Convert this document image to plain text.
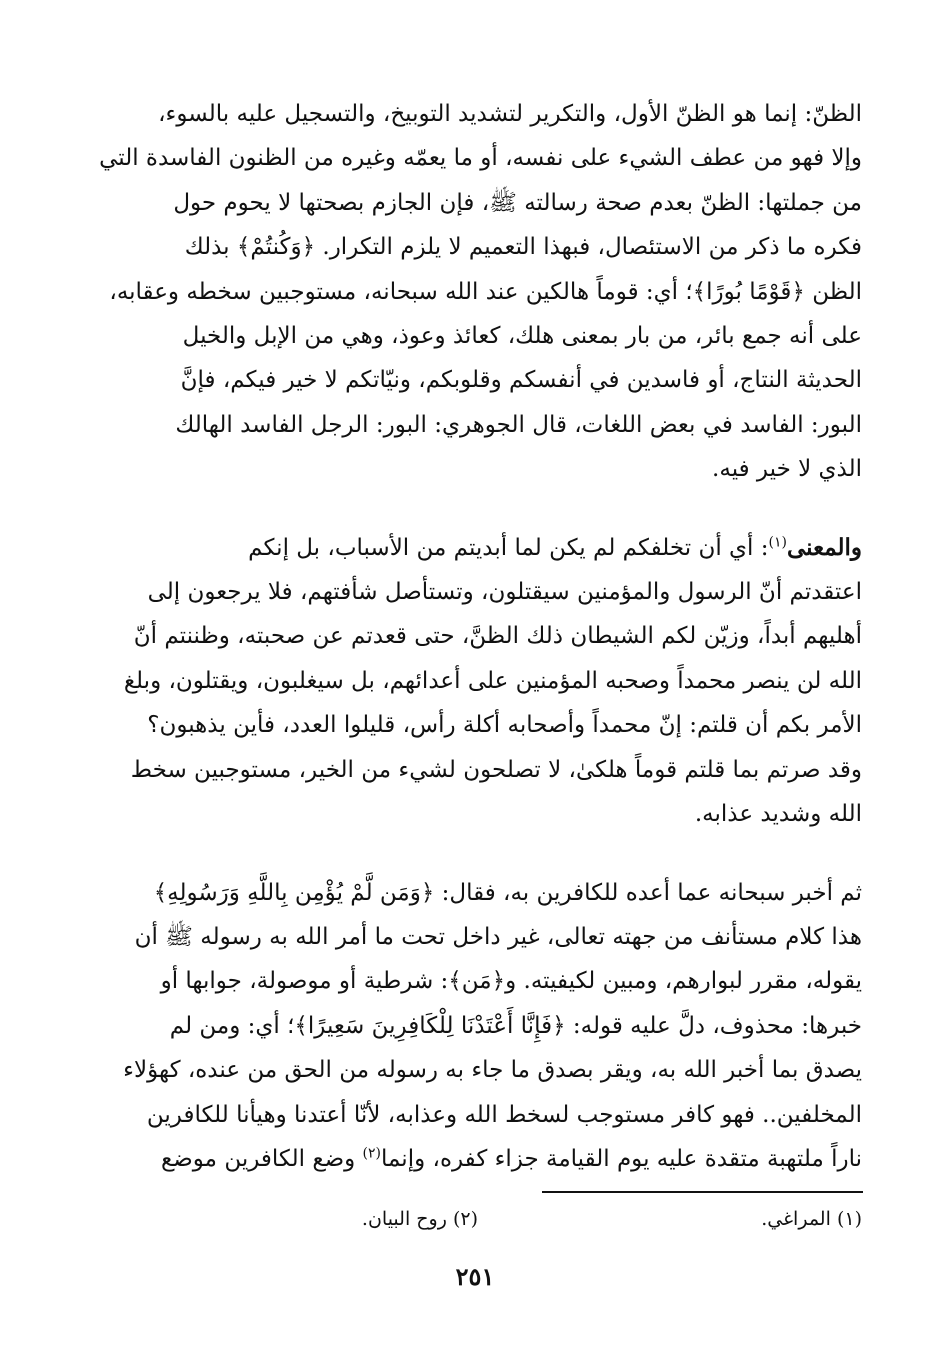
الظنّ: إنما هو الظنّ الأول، والتكرير لتشديد التوبيخ، والتسجيل عليه بالسوء،
وإلا فهو من عطف الشيء على نفسه، أو ما يعمّه وغيره من الظنون الفاسدة التي
من جملتها: الظنّ بعدم صحة رسالته ﷺ، فإن الجازم بصحتها لا يحوم حول
فكره ما ذكر من الاستئصال، فبهذا التعميم لا يلزم التكرار. ﴿وَكُنتُمْ﴾ بذلك
الظن ﴿قَوْمًا بُورًا﴾؛ أي: قوماً هالكين عند الله سبحانه، مستوجبين سخطه وعقابه،
على أنه جمع بائر، من بار بمعنى هلك، كعائذ وعوذ، وهي من الإبل والخيل
الحديثة النتاج، أو فاسدين في أنفسكم وقلوبكم، ونيّاتكم لا خير فيكم، فإنَّ
البور: الفاسد في بعض اللغات، قال الجوهري: البور: الرجل الفاسد الهالك
الذي لا خير فيه.
والمعنى$^{(١)}$: أي أن تخلفكم لم يكن لما أبديتم من الأسباب، بل إنكم
اعتقدتم أنّ الرسول والمؤمنين سيقتلون، وتستأصل شأفتهم، فلا يرجعون إلى
أهليهم أبداً، وزيّن لكم الشيطان ذلك الظنَّ، حتى قعدتم عن صحبته، وظننتم أنّ
الله لن ينصر محمداً وصحبه المؤمنين على أعدائهم، بل سيغلبون، ويقتلون، وبلغ
الأمر بكم أن قلتم: إنّ محمداً وأصحابه أكلة رأس، قليلوا العدد، فأين يذهبون؟
وقد صرتم بما قلتم قوماً هلكىٰ، لا تصلحون لشيء من الخير، مستوجبين سخط
الله وشديد عذابه.
ثم أخبر سبحانه عما أعده للكافرين به، فقال: ﴿وَمَن لَّمْ يُؤْمِن بِاللَّهِ وَرَسُولِهِ﴾
هذا كلام مستأنف من جهته تعالى، غير داخل تحت ما أمر الله به رسوله ﷺ أن
يقوله، مقرر لبوارهم، ومبين لكيفيته. و﴿مَن﴾: شرطية أو موصولة، جوابها أو
خبرها: محذوف، دلَّ عليه قوله: ﴿فَإِنَّا أَعْتَدْنَا لِلْكَافِرِينَ سَعِيرًا﴾؛ أي: ومن لم
يصدق بما أخبر الله به، ويقر بصدق ما جاء به رسوله من الحق من عنده، كهؤلاء
المخلفين.. فهو كافر مستوجب لسخط الله وعذابه، لأنّا أعتدنا وهيأنا للكافرين
ناراً ملتهبة متقدة عليه يوم القيامة جزاء كفره، وإنما$^{(٢)}$ وضع الكافرين موضع
(١) المراغي.
(٢) روح البيان.
٢٥١
